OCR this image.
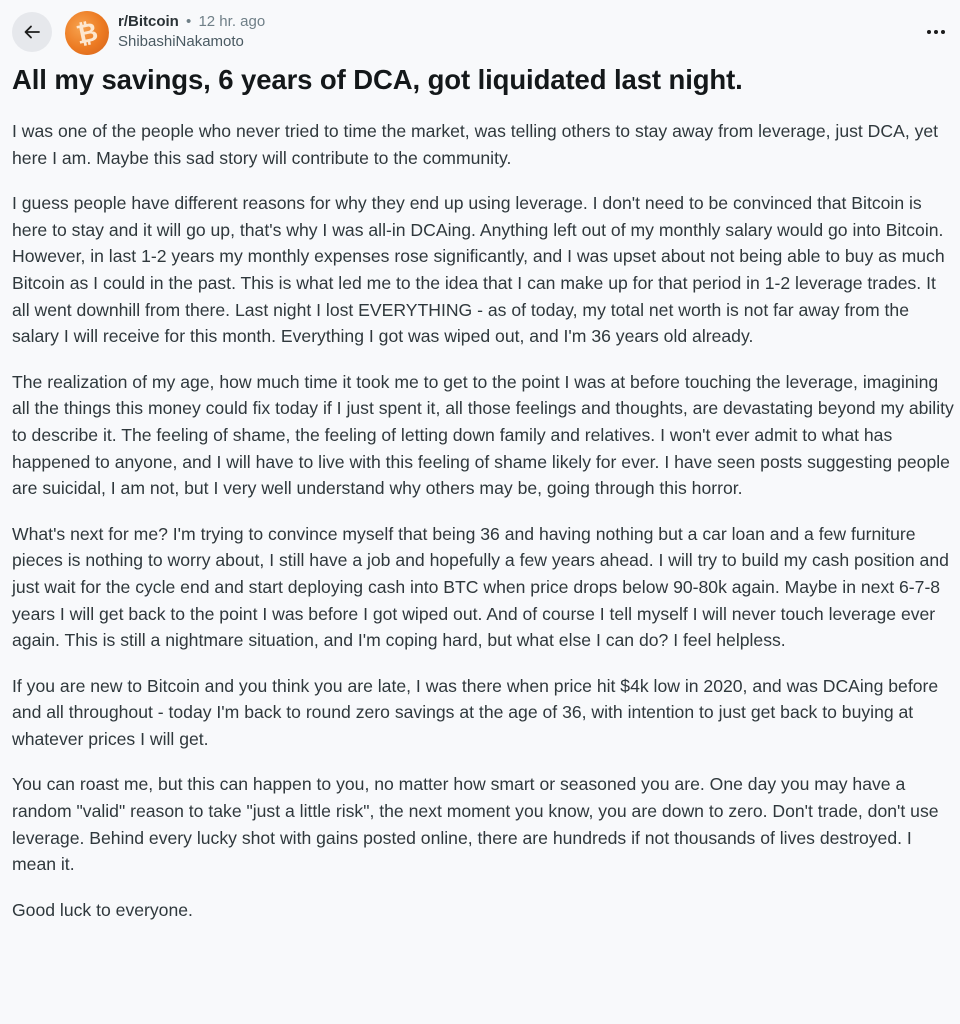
₿ r/Bitcoin • 12 hr. ago
ShibashiNakamoto
All my savings, 6 years of DCA, got liquidated last night.

I was one of the people who never tried to time the market, was telling others to stay away from leverage, just DCA, yet here I am. Maybe this sad story will contribute to the community.

I guess people have different reasons for why they end up using leverage. I don't need to be convinced that Bitcoin is here to stay and it will go up, that's why I was all-in DCAing. Anything left out of my monthly salary would go into Bitcoin. However, in last 1-2 years my monthly expenses rose significantly, and I was upset about not being able to buy as much Bitcoin as I could in the past. This is what led me to the idea that I can make up for that period in 1-2 leverage trades. It all went downhill from there. Last night I lost EVERYTHING - as of today, my total net worth is not far away from the salary I will receive for this month. Everything I got was wiped out, and I'm 36 years old already.

The realization of my age, how much time it took me to get to the point I was at before touching the leverage, imagining all the things this money could fix today if I just spent it, all those feelings and thoughts, are devastating beyond my ability to describe it. The feeling of shame, the feeling of letting down family and relatives. I won't ever admit to what has happened to anyone, and I will have to live with this feeling of shame likely for ever. I have seen posts suggesting people are suicidal, I am not, but I very well understand why others may be, going through this horror.

What's next for me? I'm trying to convince myself that being 36 and having nothing but a car loan and a few furniture pieces is nothing to worry about, I still have a job and hopefully a few years ahead. I will try to build my cash position and just wait for the cycle end and start deploying cash into BTC when price drops below 90-80k again. Maybe in next 6-7-8 years I will get back to the point I was before I got wiped out. And of course I tell myself I will never touch leverage ever again. This is still a nightmare situation, and I'm coping hard, but what else I can do? I feel helpless.

If you are new to Bitcoin and you think you are late, I was there when price hit $4k low in 2020, and was DCAing before and all throughout - today I'm back to round zero savings at the age of 36, with intention to just get back to buying at whatever prices I will get.

You can roast me, but this can happen to you, no matter how smart or seasoned you are. One day you may have a random "valid" reason to take "just a little risk", the next moment you know, you are down to zero. Don't trade, don't use leverage. Behind every lucky shot with gains posted online, there are hundreds if not thousands of lives destroyed. I mean it.

Good luck to everyone.
